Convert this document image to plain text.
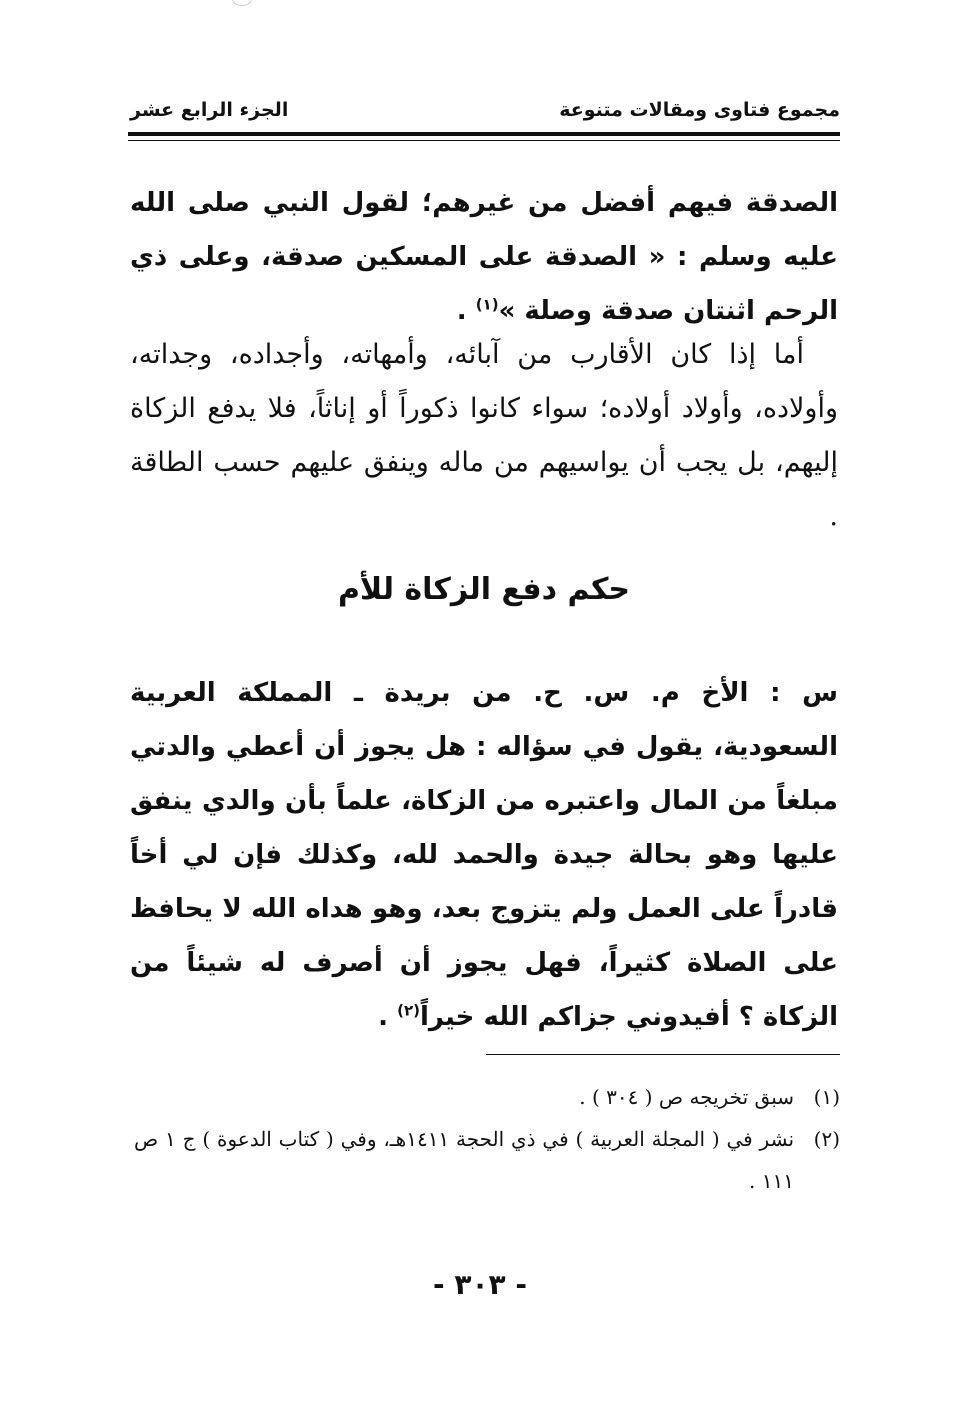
مجموع فتاوى ومقالات متنوعة
الجزء الرابع عشر
الصدقة فيهم أفضل من غيرهم؛ لقول النبي صلى الله عليه وسلم : « الصدقة على المسكين صدقة، وعلى ذي الرحم اثنتان صدقة وصلة »$^{(١)}$ .
أما إذا كان الأقارب من آبائه، وأمهاته، وأجداده، وجداته، وأولاده، وأولاد أولاده؛ سواء كانوا ذكوراً أو إناثاً، فلا يدفع الزكاة إليهم، بل يجب أن يواسيهم من ماله وينفق عليهم حسب الطاقة .
حكم دفع الزكاة للأم
س : الأخ م. س. ح. من بريدة ـ المملكة العربية السعودية، يقول في سؤاله : هل يجوز أن أعطي والدتي مبلغاً من المال واعتبره من الزكاة، علماً بأن والدي ينفق عليها وهو بحالة جيدة والحمد لله، وكذلك فإن لي أخاً قادراً على العمل ولم يتزوج بعد، وهو هداه الله لا يحافظ على الصلاة كثيراً، فهل يجوز أن أصرف له شيئاً من الزكاة ؟ أفيدوني جزاكم الله خيراً$^{(٢)}$ .
(١)
سبق تخريجه ص ( ٣٠٤ ) .
(٢)
نشر في ( المجلة العربية ) في ذي الحجة ١٤١١هـ، وفي ( كتاب الدعوة ) ج ١ ص ١١١ .
- ٣٠٣ -
